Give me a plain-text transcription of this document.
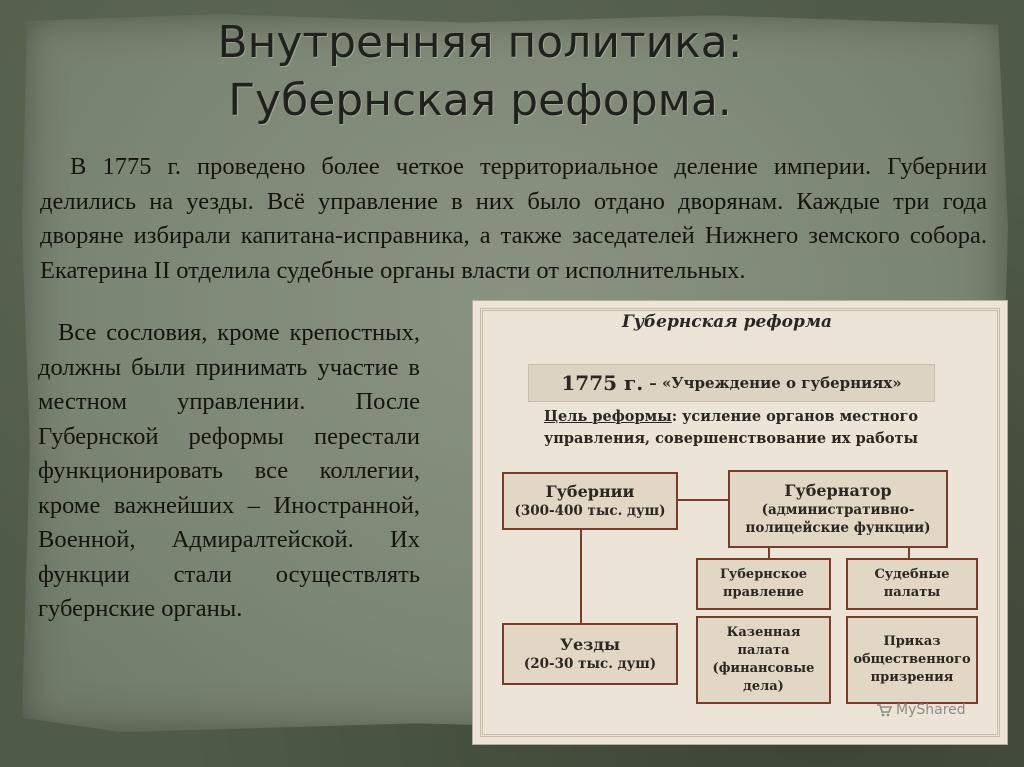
Внутренняя политика:
Губернская реформа.
В 1775 г. проведено более четкое территориальное деление империи. Губернии делились на уезды. Всё управление в них было отдано дворянам. Каждые три года дворяне избирали капитана-исправника, а также заседателей Нижнего земского собора. Екатерина II отделила судебные органы власти от исполнительных.
Все сословия, кроме крепостных, должны были принимать участие в местном управлении. После Губернской реформы перестали функционировать все коллегии, кроме важнейших – Иностранной, Военной, Адмиралтейской. Их функции стали осуществлять губернские органы.
Губернская реформа
1775 г. – «Учреждение о губерниях»
Цель реформы: усиление органов местного управления, совершенствование их работы
Губернии
(300-400 тыс. душ)
Губернатор
(административно-
полицейские функции)
Губернское
правление
Судебные
палаты
Уезды
(20-30 тыс. душ)
Казенная
палата
(финансовые
дела)
Приказ
общественного
призрения
MyShared
